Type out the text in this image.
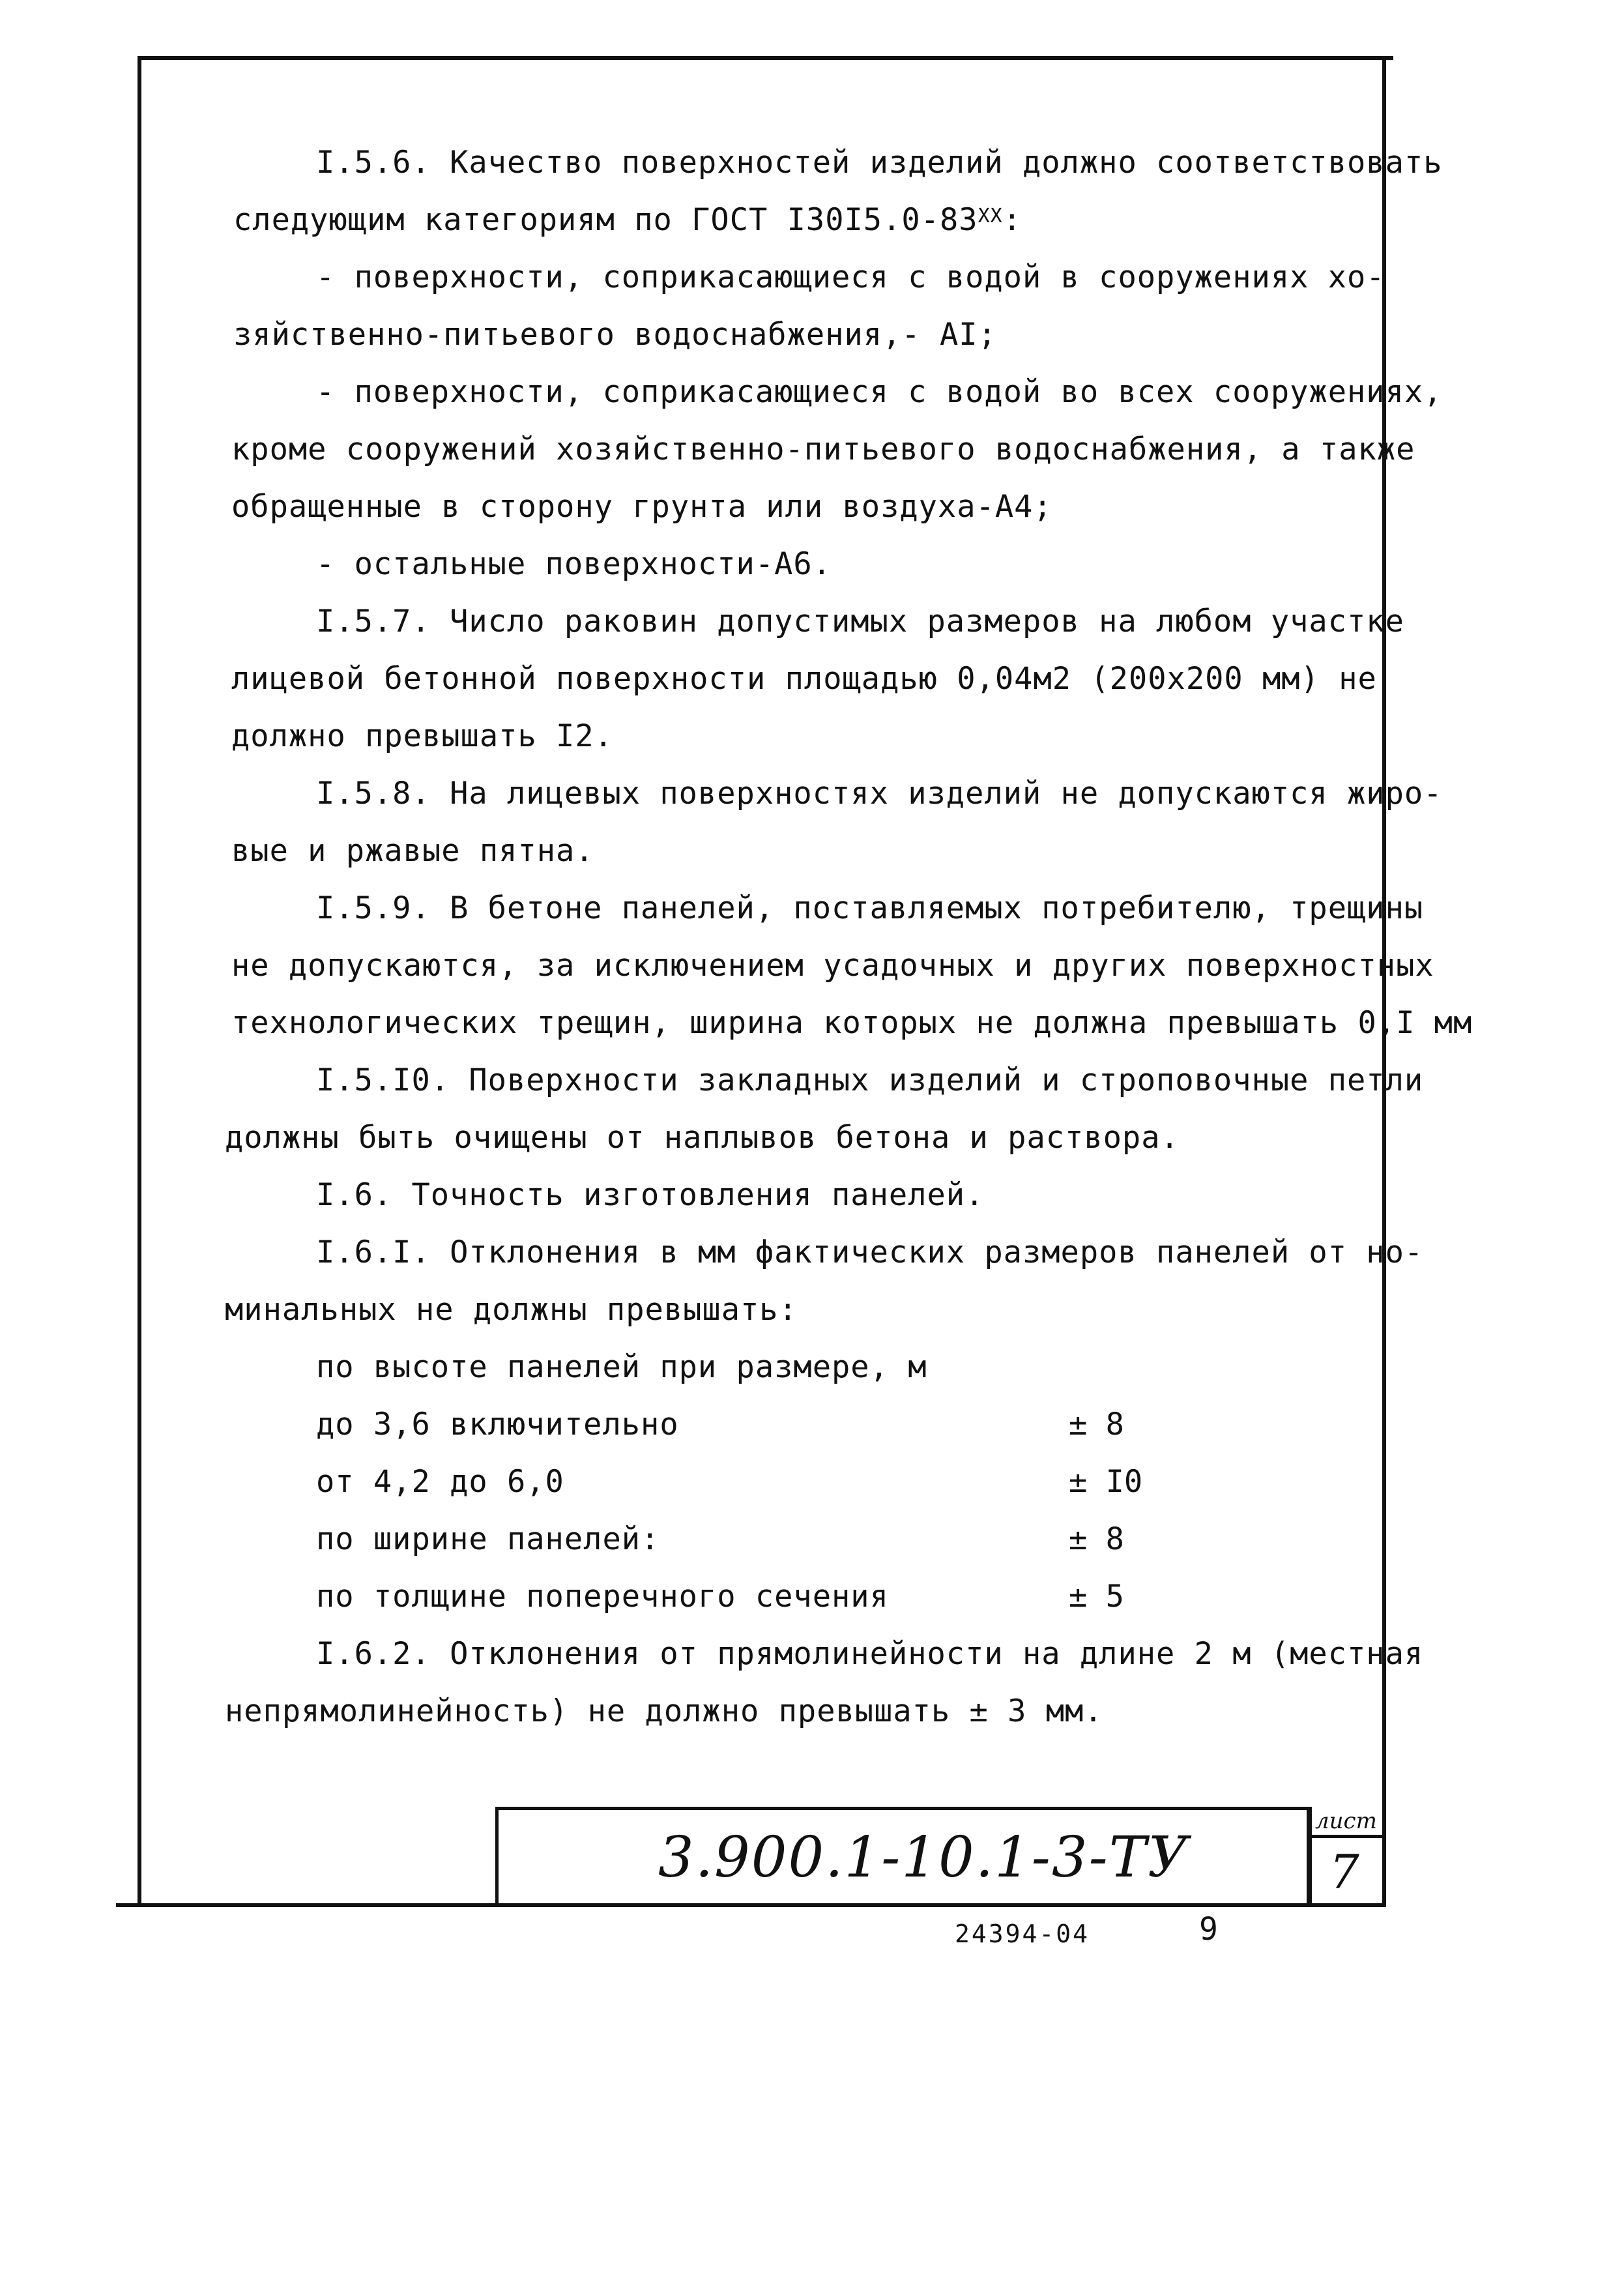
I.5.6. Качество поверхностей изделий должно соответствовать
следующим категориям по ГОСТ $I30I5.0-83^{XX}$:
- поверхности, соприкасающиеся с водой в сооружениях хо-
зяйственно-питьевого водоснабжения,- AI;
- поверхности, соприкасающиеся с водой во всех сооружениях,
кроме сооружений хозяйственно-питьевого водоснабжения, а также
обращенные в сторону грунта или воздуха-А4;
- остальные поверхности-А6.
I.5.7. Число раковин допустимых размеров на любом участке
лицевой бетонной поверхности площадью 0,04м2 (200x200 мм) не
должно превышать I2.
I.5.8. На лицевых поверхностях изделий не допускаются жиро-
вые и ржавые пятна.
I.5.9. В бетоне панелей, поставляемых потребителю, трещины
не допускаются, за исключением усадочных и других поверхностных
технологических трещин, ширина которых не должна превышать 0,I мм
I.5.I0. Поверхности закладных изделий и строповочные петли
должны быть очищены от наплывов бетона и раствора.
I.6. Точность изготовления панелей.
I.6.I. Отклонения в мм фактических размеров панелей от но-
минальных не должны превышать:
по высоте панелей при размере, м
до 3,6 включительно
от 4,2 до 6,0
по ширине панелей:
по толщине поперечного сечения
I.6.2. Отклонения от прямолинейности на длине 2 м (местная
непрямолинейность) не должно превышать ± 3 мм.
± 8
± I0
± 8
± 5
3.900.1-10.1-3-ТУ
лист
7
24394-04	9
